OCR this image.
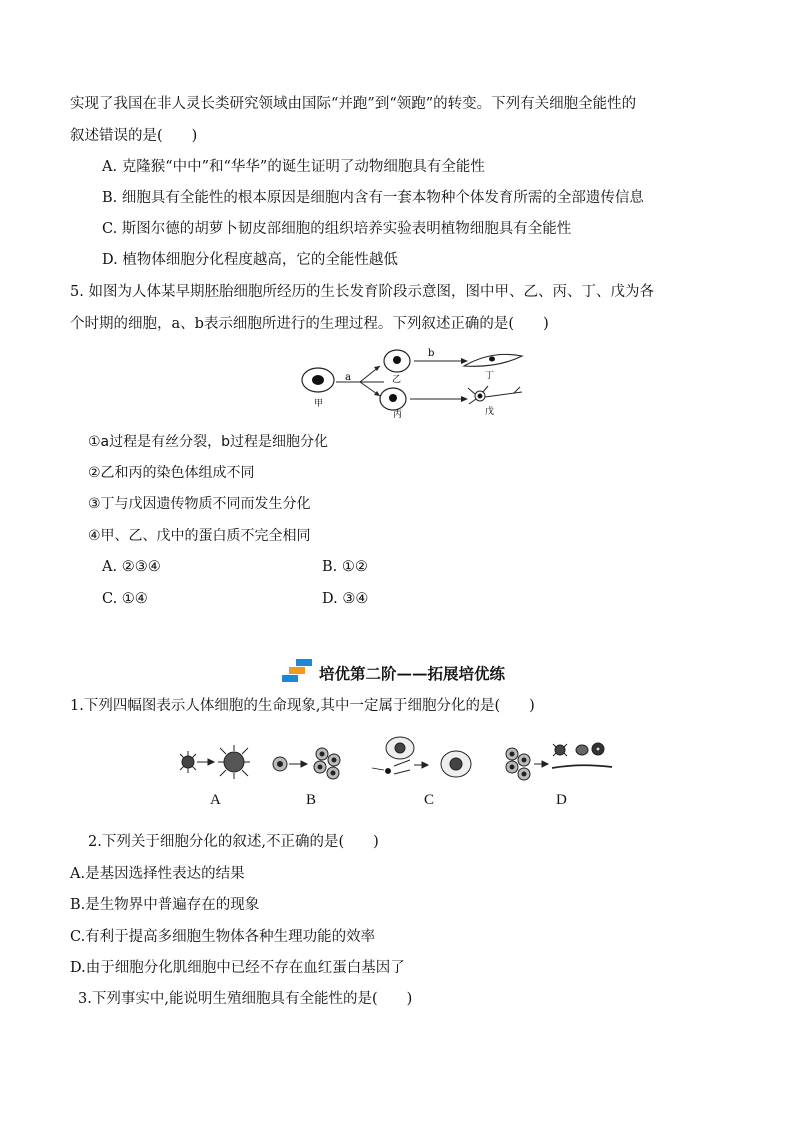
实现了我国在非人灵长类研究领域由国际“并跑”到“领跑”的转变。下列有关细胞全能性的
叙述错误的是(　　)
A. 克隆猴“中中”和“华华”的诞生证明了动物细胞具有全能性
B. 细胞具有全能性的根本原因是细胞内含有一套本物种个体发育所需的全部遗传信息
C. 斯图尔德的胡萝卜韧皮部细胞的组织培养实验表明植物细胞具有全能性
D. 植物体细胞分化程度越高，它的全能性越低
5. 如图为人体某早期胚胎细胞所经历的生长发育阶段示意图，图中甲、乙、丙、丁、戊为各
个时期的细胞，a、b表示细胞所进行的生理过程。下列叙述正确的是(　　)
甲
a	乙
丙
b
丁
戊
①a过程是有丝分裂，b过程是细胞分化
②乙和丙的染色体组成不同
③丁与戊因遗传物质不同而发生分化
④甲、乙、戊中的蛋白质不完全相同
A. ②③④	B. ①②
C. ①④	D. ③④
培优第二阶——拓展培优练
1.下列四幅图表示人体细胞的生命现象,其中一定属于细胞分化的是(　　)
A	B	C	D
2.下列关于细胞分化的叙述,不正确的是(　　)
A.是基因选择性表达的结果
B.是生物界中普遍存在的现象
C.有利于提高多细胞生物体各种生理功能的效率
D.由于细胞分化肌细胞中已经不存在血红蛋白基因了
3.下列事实中,能说明生殖细胞具有全能性的是(　　)
